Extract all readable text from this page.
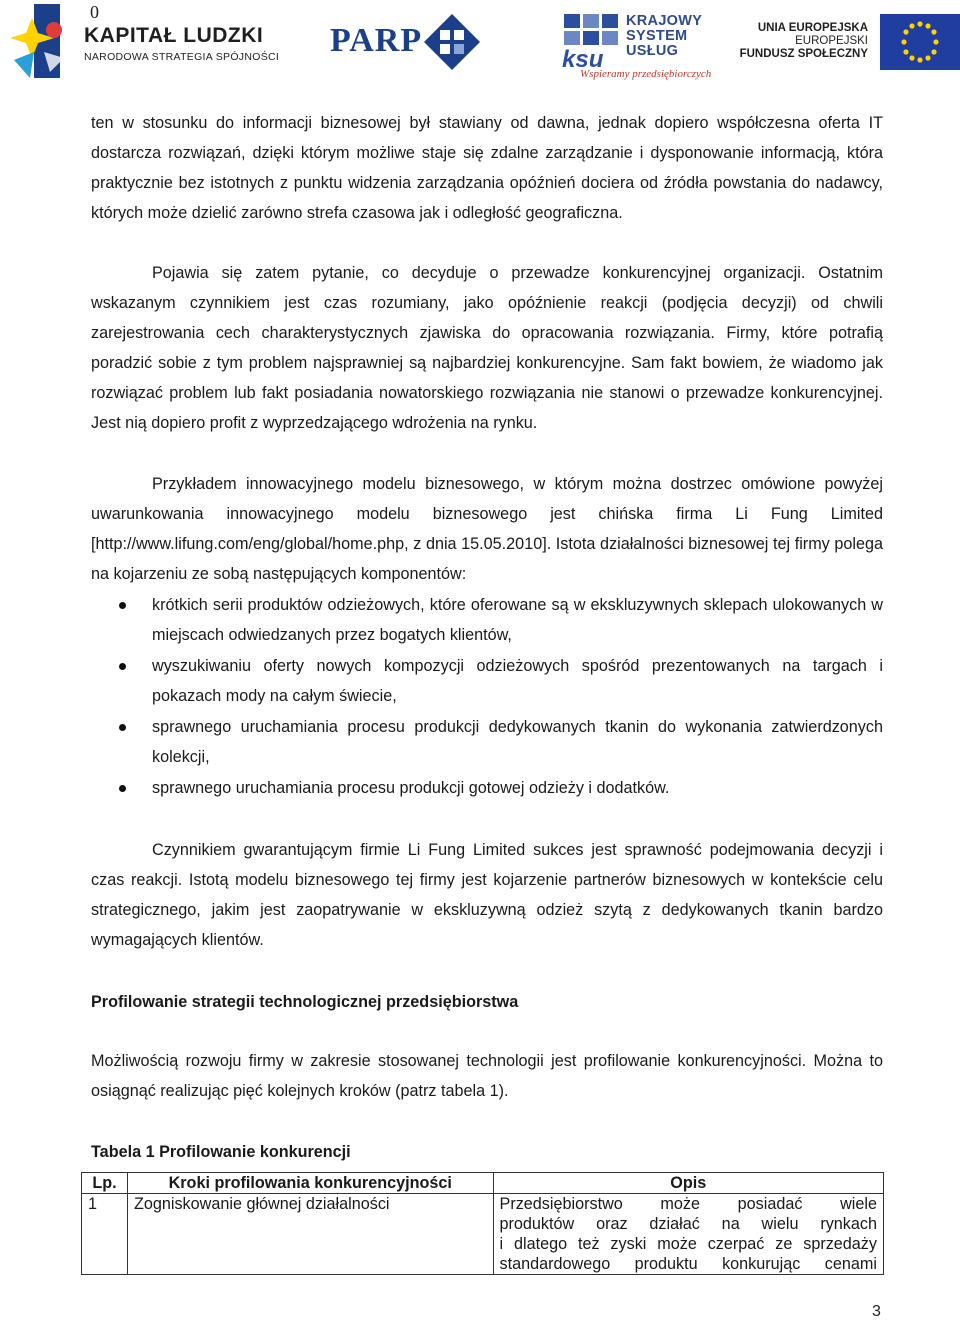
0
KAPITAŁ LUDZKI
NARODOWA STRATEGIA SPÓJNOŚCI PARP
ksu
KRAJOWY
SYSTEM
USŁUG
Wspieramy przedsiębiorczych
UNIA EUROPEJSKA
EUROPEJSKI
FUNDUSZ SPOŁECZNY

ten w stosunku do informacji biznesowej był stawiany od dawna, jednak dopiero współczesna oferta IT dostarcza rozwiązań, dzięki którym możliwe staje się zdalne zarządzanie i dysponowanie informacją, która praktycznie bez istotnych z punktu widzenia zarządzania opóźnień dociera od źródła powstania do nadawcy, których może dzielić zarówno strefa czasowa jak i odległość geograficzna.

Pojawia się zatem pytanie, co decyduje o przewadze konkurencyjnej organizacji. Ostatnim wskazanym czynnikiem jest czas rozumiany, jako opóźnienie reakcji (podjęcia decyzji) od chwili zarejestrowania cech charakterystycznych zjawiska do opracowania rozwiązania. Firmy, które potrafią poradzić sobie z tym problem najsprawniej są najbardziej konkurencyjne. Sam fakt bowiem, że wiadomo jak rozwiązać problem lub fakt posiadania nowatorskiego rozwiązania nie stanowi o przewadze konkurencyjnej. Jest nią dopiero profit z wyprzedzającego wdrożenia na rynku.

Przykładem innowacyjnego modelu biznesowego, w którym można dostrzec omówione powyżej uwarunkowania innowacyjnego modelu biznesowego jest chińska firma Li Fung Limited [http://www.lifung.com/eng/global/home.php, z dnia 15.05.2010]. Istota działalności biznesowej tej firmy polega na kojarzeniu ze sobą następujących komponentów:

krótkich serii produktów odzieżowych, które oferowane są w ekskluzywnych sklepach ulokowanych w miejscach odwiedzanych przez bogatych klientów,
wyszukiwaniu oferty nowych kompozycji odzieżowych spośród prezentowanych na targach i pokazach mody na całym świecie,
sprawnego uruchamiania procesu produkcji dedykowanych tkanin do wykonania zatwierdzonych kolekcji,
sprawnego uruchamiania procesu produkcji gotowej odzieży i dodatków.

Czynnikiem gwarantującym firmie Li Fung Limited sukces jest sprawność podejmowania decyzji i czas reakcji. Istotą modelu biznesowego tej firmy jest kojarzenie partnerów biznesowych w kontekście celu strategicznego, jakim jest zaopatrywanie w ekskluzywną odzież szytą z dedykowanych tkanin bardzo wymagających klientów.

Profilowanie strategii technologicznej przedsiębiorstwa

Możliwością rozwoju firmy w zakresie stosowanej technologii jest profilowanie konkurencyjności. Można to osiągnąć realizując pięć kolejnych kroków (patrz tabela 1).

Tabela 1 Profilowanie konkurencji
Lp.	Kroki profilowania konkurencyjności	Opis
1	Zogniskowanie głównej działalności	Przedsiębiorstwo może posiadać wiele
produktów oraz działać na wielu rynkach
i dlatego też zyski może czerpać ze sprzedaży
standardowego produktu konkurując cenami
3
